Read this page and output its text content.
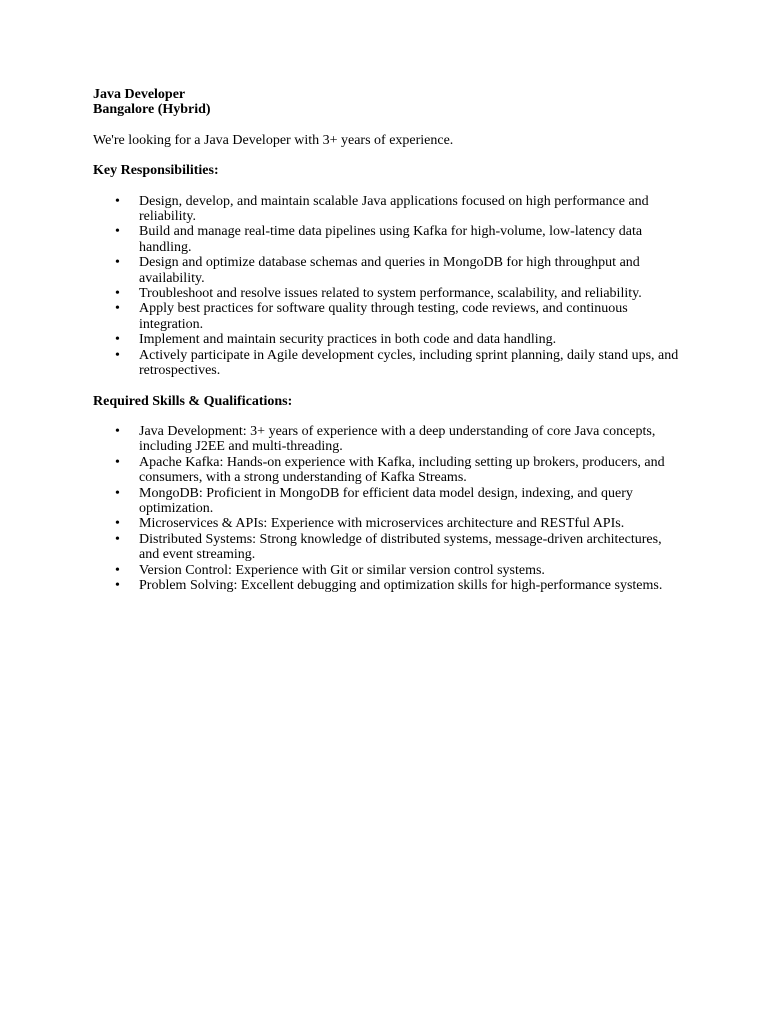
Java Developer

Bangalore (Hybrid)

We're looking for a Java Developer with 3+ years of experience.

Key Responsibilities:

• Design, develop, and maintain scalable Java applications focused on high performance and reliability.
• Build and manage real-time data pipelines using Kafka for high-volume, low-latency data handling.
• Design and optimize database schemas and queries in MongoDB for high throughput and availability.
• Troubleshoot and resolve issues related to system performance, scalability, and reliability.
• Apply best practices for software quality through testing, code reviews, and continuous integration.
• Implement and maintain security practices in both code and data handling.
• Actively participate in Agile development cycles, including sprint planning, daily stand ups, and retrospectives.

Required Skills & Qualifications:

• Java Development: 3+ years of experience with a deep understanding of core Java concepts, including J2EE and multi-threading.
• Apache Kafka: Hands-on experience with Kafka, including setting up brokers, producers, and consumers, with a strong understanding of Kafka Streams.
• MongoDB: Proficient in MongoDB for efficient data model design, indexing, and query optimization.
• Microservices & APIs: Experience with microservices architecture and RESTful APIs.
• Distributed Systems: Strong knowledge of distributed systems, message-driven architectures, and event streaming.
• Version Control: Experience with Git or similar version control systems.
• Problem Solving: Excellent debugging and optimization skills for high-performance systems.
